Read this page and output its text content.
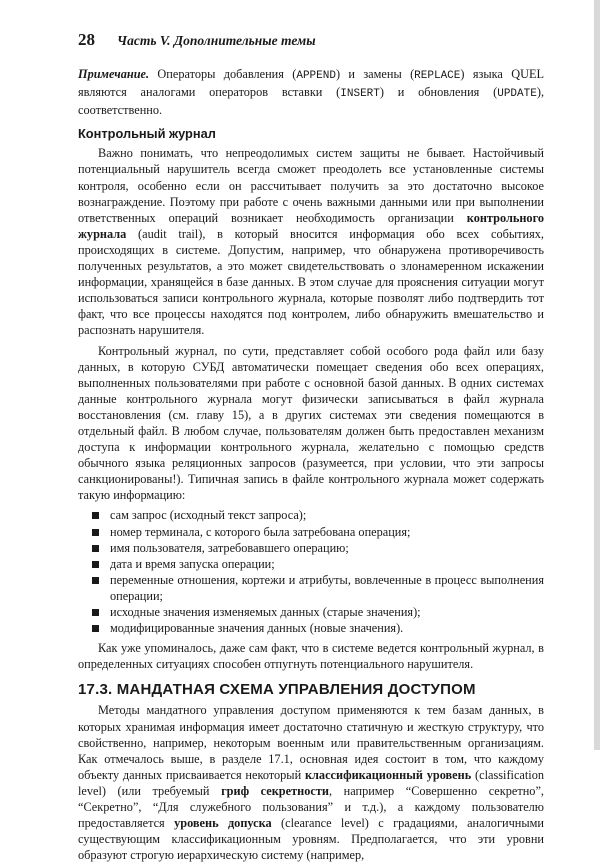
28 Часть V. Дополнительные темы

Примечание. Операторы добавления (APPEND) и замены (REPLACE) языка QUEL являются аналогами операторов вставки (INSERT) и обновления (UPDATE), соответственно.

Контрольный журнал

Важно понимать, что непреодолимых систем защиты не бывает. Настойчивый потенциальный нарушитель всегда сможет преодолеть все установленные системы контроля, особенно если он рассчитывает получить за это достаточно высокое вознаграждение. Поэтому при работе с очень важными данными или при выполнении ответственных операций возникает необходимость организации контрольного журнала (audit trail), в который вносится информация обо всех событиях, происходящих в системе. Допустим, например, что обнаружена противоречивость полученных результатов, а это может свидетельствовать о злонамеренном искажении информации, хранящейся в базе данных. В этом случае для прояснения ситуации могут использоваться записи контрольного журнала, которые позволят либо подтвердить тот факт, что все процессы находятся под контролем, либо обнаружить вмешательство и распознать нарушителя.

Контрольный журнал, по сути, представляет собой особого рода файл или базу данных, в которую СУБД автоматически помещает сведения обо всех операциях, выполненных пользователями при работе с основной базой данных. В одних системах данные контрольного журнала могут физически записываться в файл журнала восстановления (см. главу 15), а в других системах эти сведения помещаются в отдельный файл. В любом случае, пользователям должен быть предоставлен механизм доступа к информации контрольного журнала, желательно с помощью средств обычного языка реляционных запросов (разумеется, при условии, что эти запросы санкционированы!). Типичная запись в файле контрольного журнала может содержать такую информацию:

сам запрос (исходный текст запроса);
номер терминала, с которого была затребована операция;
имя пользователя, затребовавшего операцию;
дата и время запуска операции;
переменные отношения, кортежи и атрибуты, вовлеченные в процесс выполнения операции;
исходные значения изменяемых данных (старые значения);
модифицированные значения данных (новые значения).

Как уже упоминалось, даже сам факт, что в системе ведется контрольный журнал, в определенных ситуациях способен отпугнуть потенциального нарушителя.

17.3. МАНДАТНАЯ СХЕМА УПРАВЛЕНИЯ ДОСТУПОМ

Методы мандатного управления доступом применяются к тем базам данных, в которых хранимая информация имеет достаточно статичную и жесткую структуру, что свойственно, например, некоторым военным или правительственным организациям. Как отмечалось выше, в разделе 17.1, основная идея состоит в том, что каждому объекту данных присваивается некоторый классификационный уровень (classification level) (или требуемый гриф секретности, например “Совершенно секретно”, “Секретно”, “Для служебного пользования” и т.д.), а каждому пользователю предоставляется уровень допуска (clearance level) с градациями, аналогичными существующим классификационным уровням. Предполагается, что эти уровни образуют строгую иерархическую систему (например,
